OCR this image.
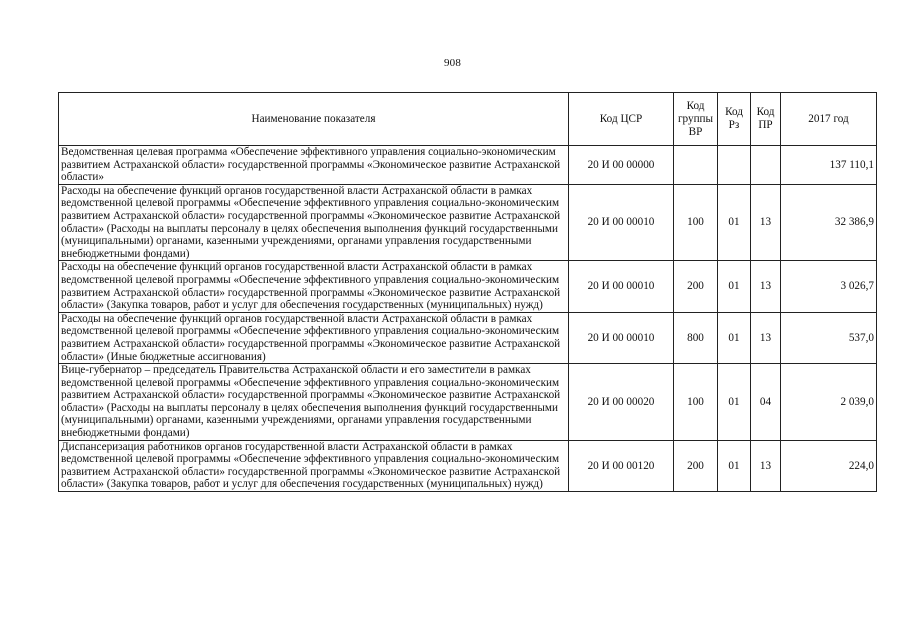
908
Наименование показателя	Код ЦСР	Код группы ВР	Код Рз	Код ПР	2017 год
Ведомственная целевая программа «Обеспечение эффективного управления социально-экономическим развитием Астраханской области» государственной программы «Экономическое развитие Астраханской области»	20 И 00 00000				137 110,1
Расходы на обеспечение функций органов государственной власти Астраханской области в рамках ведомственной целевой программы «Обеспечение эффективного управления социально-экономическим развитием Астраханской области» государственной программы «Экономическое развитие Астраханской области» (Расходы на выплаты персоналу в целях обеспечения выполнения функций государственными (муниципальными) органами, казенными учреждениями, органами управления государственными внебюджетными фондами)	20 И 00 00010	100	01	13	32 386,9
Расходы на обеспечение функций органов государственной власти Астраханской области в рамках ведомственной целевой программы «Обеспечение эффективного управления социально-экономическим развитием Астраханской области» государственной программы «Экономическое развитие Астраханской области» (Закупка товаров, работ и услуг для обеспечения государственных (муниципальных) нужд)	20 И 00 00010	200	01	13	3 026,7
Расходы на обеспечение функций органов государственной власти Астраханской области в рамках ведомственной целевой программы «Обеспечение эффективного управления социально-экономическим развитием Астраханской области» государственной программы «Экономическое развитие Астраханской области» (Иные бюджетные ассигнования)	20 И 00 00010	800	01	13	537,0
Вице-губернатор – председатель Правительства Астраханской области и его заместители в рамках ведомственной целевой программы «Обеспечение эффективного управления социально-экономическим развитием Астраханской области» государственной программы «Экономическое развитие Астраханской области» (Расходы на выплаты персоналу в целях обеспечения выполнения функций государственными (муниципальными) органами, казенными учреждениями, органами управления государственными внебюджетными фондами)	20 И 00 00020	100	01	04	2 039,0
Диспансеризация работников органов государственной власти Астраханской области в рамках ведомственной целевой программы «Обеспечение эффективного управления социально-экономическим развитием Астраханской области» государственной программы «Экономическое развитие Астраханской области» (Закупка товаров, работ и услуг для обеспечения государственных (муниципальных) нужд)	20 И 00 00120	200	01	13	224,0
